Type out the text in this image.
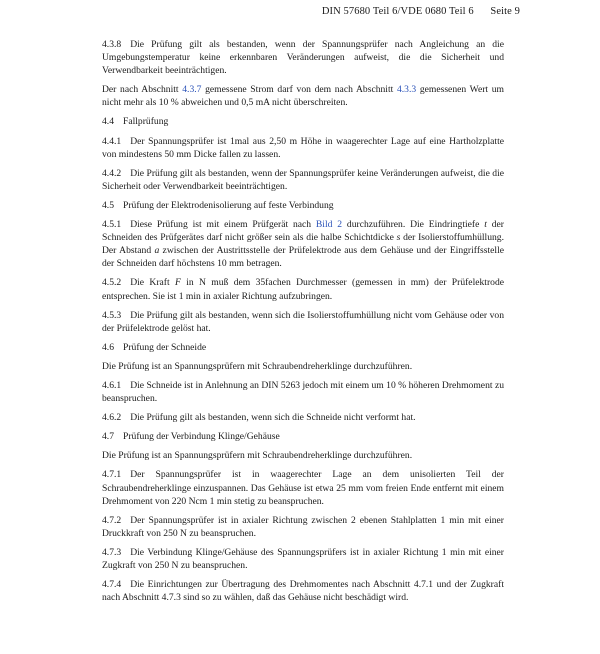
DIN 57680 Teil 6/VDE 0680 Teil 6 Seite 9

4.3.8 Die Prüfung gilt als bestanden, wenn der Spannungsprüfer nach Angleichung an die Umgebungstemperatur keine erkennbaren Veränderungen aufweist, die die Sicherheit und Verwendbarkeit beeinträchtigen.

Der nach Abschnitt 4.3.7 gemessene Strom darf von dem nach Abschnitt 4.3.3 gemessenen Wert um nicht mehr als 10 % abweichen und 0,5 mA nicht überschreiten.

4.4 Fallprüfung

4.4.1 Der Spannungsprüfer ist 1mal aus 2,50 m Höhe in waagerechter Lage auf eine Hartholzplatte von mindestens 50 mm Dicke fallen zu lassen.

4.4.2 Die Prüfung gilt als bestanden, wenn der Spannungsprüfer keine Veränderungen aufweist, die die Sicherheit oder Verwendbarkeit beeinträchtigen.

4.5 Prüfung der Elektrodenisolierung auf feste Verbindung

4.5.1 Diese Prüfung ist mit einem Prüfgerät nach Bild 2 durchzuführen. Die Eindringtiefe t der Schneiden des Prüfgerätes darf nicht größer sein als die halbe Schichtdicke s der Isolierstoffumhüllung. Der Abstand a zwischen der Austrittsstelle der Prüfelektrode aus dem Gehäuse und der Eingriffsstelle der Schneiden darf höchstens 10 mm betragen.

4.5.2 Die Kraft F in N muß dem 35fachen Durchmesser (gemessen in mm) der Prüfelektrode entsprechen. Sie ist 1 min in axialer Richtung aufzubringen.

4.5.3 Die Prüfung gilt als bestanden, wenn sich die Isolierstoffumhüllung nicht vom Gehäuse oder von der Prüfelektrode gelöst hat.

4.6 Prüfung der Schneide

Die Prüfung ist an Spannungsprüfern mit Schraubendreherklinge durchzuführen.

4.6.1 Die Schneide ist in Anlehnung an DIN 5263 jedoch mit einem um 10 % höheren Drehmoment zu beanspruchen.

4.6.2 Die Prüfung gilt als bestanden, wenn sich die Schneide nicht verformt hat.

4.7 Prüfung der Verbindung Klinge/Gehäuse

Die Prüfung ist an Spannungsprüfern mit Schraubendreherklinge durchzuführen.

4.7.1 Der Spannungsprüfer ist in waagerechter Lage an dem unisolierten Teil der Schraubendreherklinge einzuspannen. Das Gehäuse ist etwa 25 mm vom freien Ende entfernt mit einem Drehmoment von 220 Ncm 1 min stetig zu beanspruchen.

4.7.2 Der Spannungsprüfer ist in axialer Richtung zwischen 2 ebenen Stahlplatten 1 min mit einer Druckkraft von 250 N zu beanspruchen.

4.7.3 Die Verbindung Klinge/Gehäuse des Spannungsprüfers ist in axialer Richtung 1 min mit einer Zugkraft von 250 N zu beanspruchen.

4.7.4 Die Einrichtungen zur Übertragung des Drehmomentes nach Abschnitt 4.7.1 und der Zugkraft nach Abschnitt 4.7.3 sind so zu wählen, daß das Gehäuse nicht beschädigt wird.
